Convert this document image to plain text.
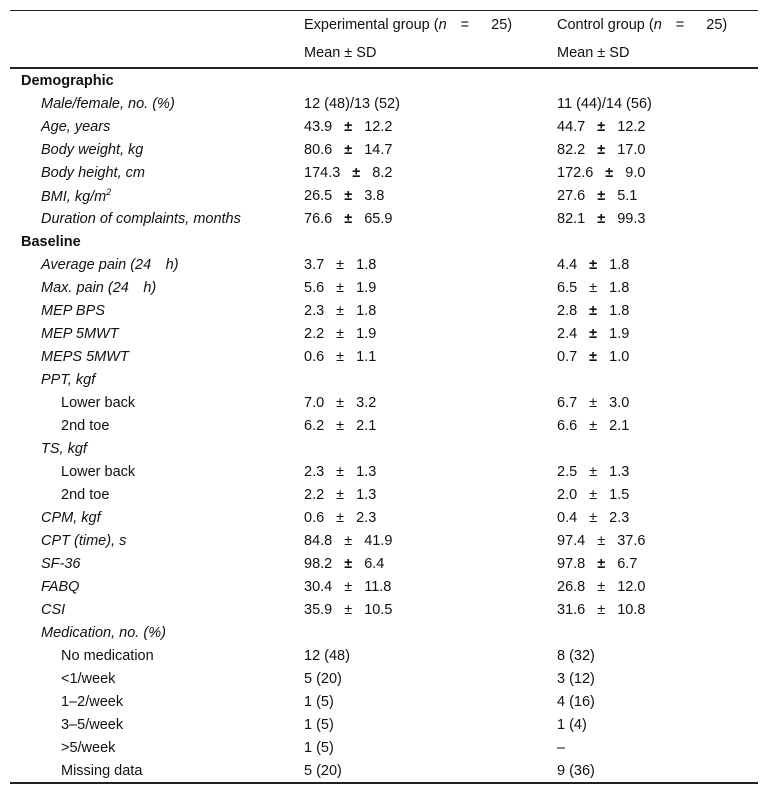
	Experimental group (n = 25)	Control group (n = 25)
	Mean ± SD	Mean ± SD
Demographic		
Male/female, no. (%)	12 (48)/13 (52)	11 (44)/14 (56)
Age, years	43.9 ± 12.2	44.7 ± 12.2
Body weight, kg	80.6 ± 14.7	82.2 ± 17.0
Body height, cm	174.3 ± 8.2	172.6 ± 9.0
BMI, $kg/m^2$	26.5 ± 3.8	27.6 ± 5.1
Duration of complaints, months	76.6 ± 65.9	82.1 ± 99.3
Baseline		
Average pain (24 h)	3.7 ± 1.8	4.4 ± 1.8
Max. pain (24 h)	5.6 ± 1.9	6.5 ± 1.8
MEP BPS	2.3 ± 1.8	2.8 ± 1.8
MEP 5MWT	2.2 ± 1.9	2.4 ± 1.9
MEPS 5MWT	0.6 ± 1.1	0.7 ± 1.0
PPT, kgf		
Lower back	7.0 ± 3.2	6.7 ± 3.0
2nd toe	6.2 ± 2.1	6.6 ± 2.1
TS, kgf		
Lower back	2.3 ± 1.3	2.5 ± 1.3
2nd toe	2.2 ± 1.3	2.0 ± 1.5
CPM, kgf	0.6 ± 2.3	0.4 ± 2.3
CPT (time), s	84.8 ± 41.9	97.4 ± 37.6
SF-36	98.2 ± 6.4	97.8 ± 6.7
FABQ	30.4 ± 11.8	26.8 ± 12.0
CSI	35.9 ± 10.5	31.6 ± 10.8
Medication, no. (%)		
No medication	12 (48)	8 (32)
<1/week	5 (20)	3 (12)
1–2/week	1 (5)	4 (16)
3–5/week	1 (5)	1 (4)
>5/week	1 (5)	–
Missing data	5 (20)	9 (36)
